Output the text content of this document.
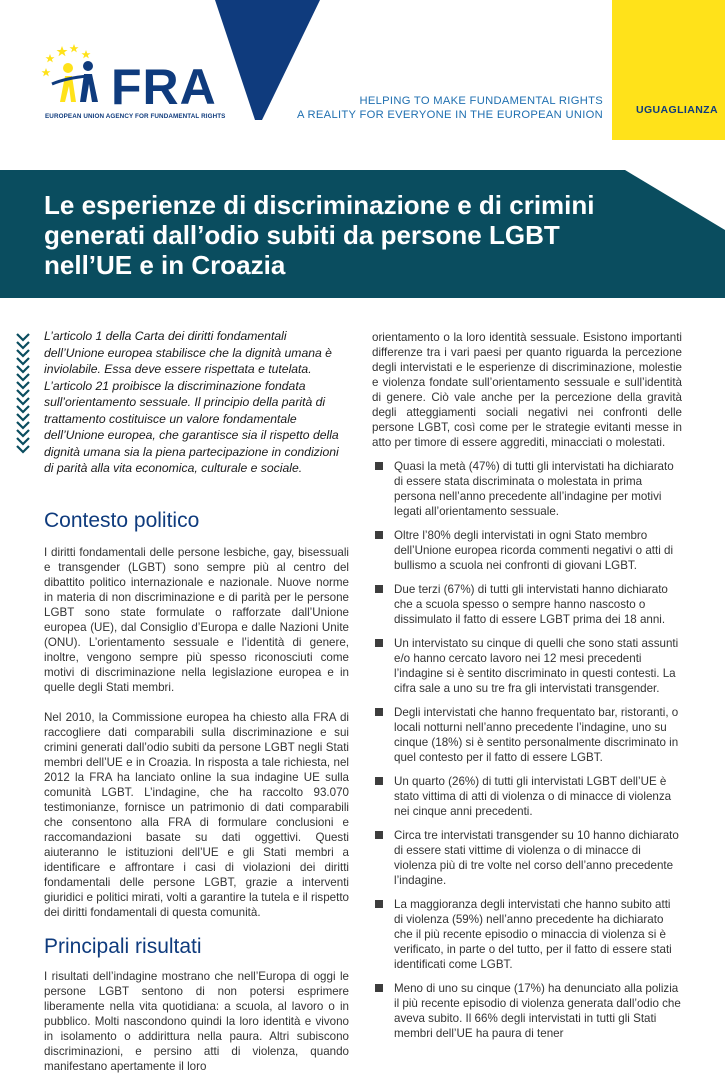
FRA
EUROPEAN UNION AGENCY FOR FUNDAMENTAL RIGHTS
HELPING TO MAKE FUNDAMENTAL RIGHTS
A REALITY FOR EVERYONE IN THE EUROPEAN UNION	UGUAGLIANZA
Le esperienze di discriminazione e di crimini generati dall’odio subiti da persone LGBT nell’UE e in Croazia

L’articolo 1 della Carta dei diritti fondamentali dell’Unione europea stabilisce che la dignità umana è inviolabile. Essa deve essere rispettata e tutelata. L’articolo 21 proibisce la discriminazione fondata sull’orientamento sessuale. Il principio della parità di trattamento costituisce un valore fondamentale dell’Unione europea, che garantisce sia il rispetto della dignità umana sia la piena partecipazione in condizioni di parità alla vita economica, culturale e sociale.

Contesto politico

I diritti fondamentali delle persone lesbiche, gay, bisessuali e transgender (LGBT) sono sempre più al centro del dibattito politico internazionale e nazionale. Nuove norme in materia di non discriminazione e di parità per le persone LGBT sono state formulate o rafforzate dall’Unione europea (UE), dal Consiglio d’Europa e dalle Nazioni Unite (ONU). L’orientamento sessuale e l’identità di genere, inoltre, vengono sempre più spesso riconosciuti come motivi di discriminazione nella legislazione europea e in quelle degli Stati membri.

Nel 2010, la Commissione europea ha chiesto alla FRA di raccogliere dati comparabili sulla discriminazione e sui crimini generati dall’odio subiti da persone LGBT negli Stati membri dell’UE e in Croazia. In risposta a tale richiesta, nel 2012 la FRA ha lanciato online la sua indagine UE sulla comunità LGBT. L’indagine, che ha raccolto 93.070 testimonianze, fornisce un patrimonio di dati comparabili che consentono alla FRA di formulare conclusioni e raccomandazioni basate su dati oggettivi. Questi aiuteranno le istituzioni dell’UE e gli Stati membri a identificare e affrontare i casi di violazioni dei diritti fondamentali delle persone LGBT, grazie a interventi giuridici e politici mirati, volti a garantire la tutela e il rispetto dei diritti fondamentali di questa comunità.

Principali risultati

I risultati dell’indagine mostrano che nell’Europa di oggi le persone LGBT sentono di non potersi esprimere liberamente nella vita quotidiana: a scuola, al lavoro o in pubblico. Molti nascondono quindi la loro identità e vivono in isolamento o addirittura nella paura. Altri subiscono discriminazioni, e persino atti di violenza, quando manifestano apertamente il loro

orientamento o la loro identità sessuale. Esistono importanti differenze tra i vari paesi per quanto riguarda la percezione degli intervistati e le esperienze di discriminazione, molestie e violenza fondate sull’orientamento sessuale e sull’identità di genere. Ciò vale anche per la percezione della gravità degli atteggiamenti sociali negativi nei confronti delle persone LGBT, così come per le strategie evitanti messe in atto per timore di essere aggrediti, minacciati o molestati.

Quasi la metà (47%) di tutti gli intervistati ha dichiarato di essere stata discriminata o molestata in prima persona nell’anno precedente all’indagine per motivi legati all’orientamento sessuale.
Oltre l’80% degli intervistati in ogni Stato membro dell’Unione europea ricorda commenti negativi o atti di bullismo a scuola nei confronti di giovani LGBT.
Due terzi (67%) di tutti gli intervistati hanno dichiarato che a scuola spesso o sempre hanno nascosto o dissimulato il fatto di essere LGBT prima dei 18 anni.
Un intervistato su cinque di quelli che sono stati assunti e/o hanno cercato lavoro nei 12 mesi precedenti l’indagine si è sentito discriminato in questi contesti. La cifra sale a uno su tre fra gli intervistati transgender.
Degli intervistati che hanno frequentato bar, ristoranti, o locali notturni nell’anno precedente l’indagine, uno su cinque (18%) si è sentito personalmente discriminato in quel contesto per il fatto di essere LGBT.
Un quarto (26%) di tutti gli intervistati LGBT dell’UE è stato vittima di atti di violenza o di minacce di violenza nei cinque anni precedenti.
Circa tre intervistati transgender su 10 hanno dichiarato di essere stati vittime di violenza o di minacce di violenza più di tre volte nel corso dell’anno precedente l’indagine.
La maggioranza degli intervistati che hanno subito atti di violenza (59%) nell’anno precedente ha dichiarato che il più recente episodio o minaccia di violenza si è verificato, in parte o del tutto, per il fatto di essere stati identificati come LGBT.
Meno di uno su cinque (17%) ha denunciato alla polizia il più recente episodio di violenza generata dall’odio che aveva subito. Il 66% degli intervistati in tutti gli Stati membri dell’UE ha paura di tener
